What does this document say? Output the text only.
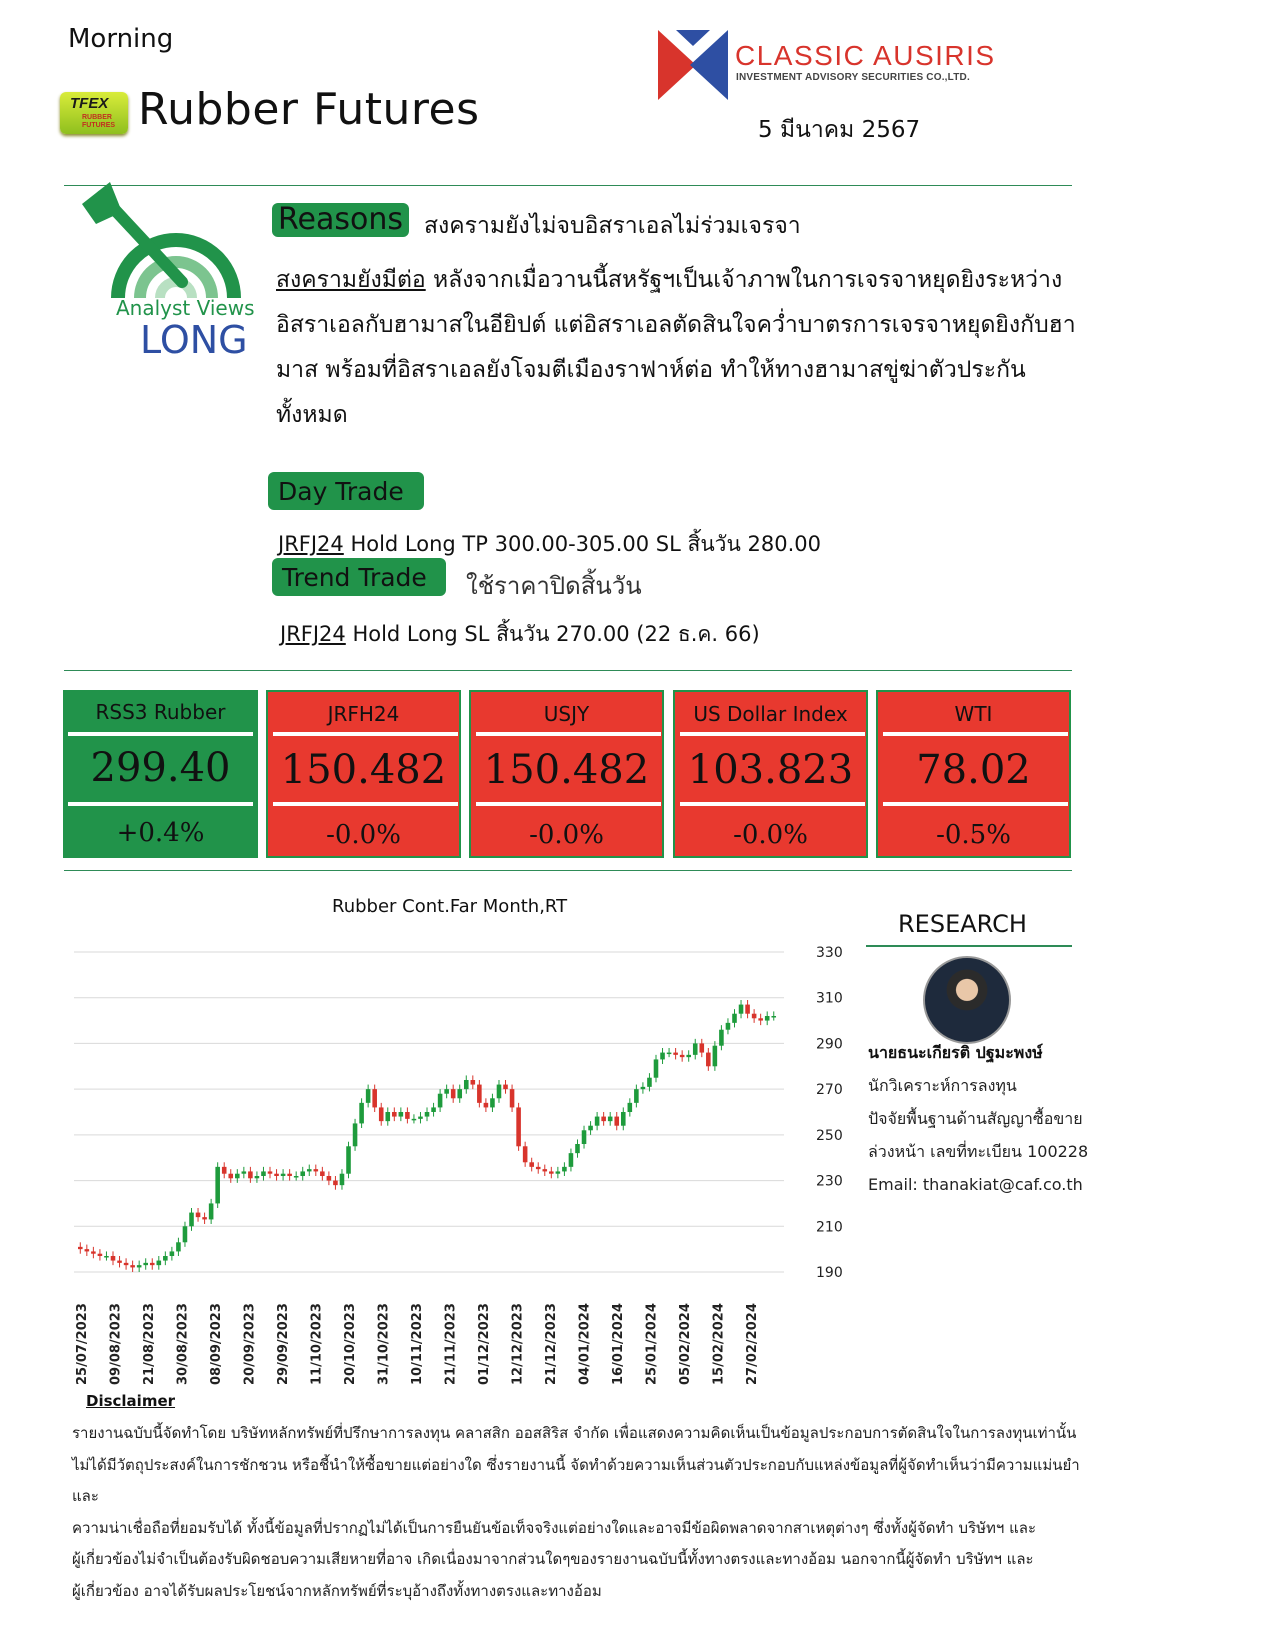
Morning
TFEX
RUBBER FUTURES Rubber Futures
CLASSIC AUSIRIS
INVESTMENT ADVISORY SECURITIES CO.,LTD.
5 มีนาคม 2567
Analyst Views
LONG
Reasons สงครามยังไม่จบอิสราเอลไม่ร่วมเจรจา
สงครามยังมีต่อ หลังจากเมื่อวานนี้สหรัฐฯเป็นเจ้าภาพในการเจรจาหยุดยิงระหว่าง อิสราเอลกับฮามาสในอียิปต์ แต่อิสราเอลตัดสินใจคว่ำบาตรการเจรจาหยุดยิงกับฮามาส พร้อมที่อิสราเอลยังโจมตีเมืองราฟาห์ต่อ ทำให้ทางฮามาสขู่ฆ่าตัวประกันทั้งหมด
Day Trade
JRFJ24 Hold Long TP 300.00-305.00 SL สิ้นวัน 280.00
Trend Trade	ใช้ราคาปิดสิ้นวัน
JRFJ24 Hold Long SL สิ้นวัน 270.00 (22 ธ.ค. 66)
RSS3 Rubber
299.40
+0.4%
JRFH24
150.482
-0.0%
USJY
150.482
-0.0%
US Dollar Index
103.823
-0.0%
WTI
78.02
-0.5%
Rubber Cont.Far Month,RT
190
210
230
250
270
290
310
330
25/07/2023 09/08/2023 21/08/2023 30/08/2023 08/09/2023 20/09/2023 29/09/2023 11/10/2023 20/10/2023 31/10/2023 10/11/2023 21/11/2023 01/12/2023 12/12/2023 21/12/2023 04/01/2024 16/01/2024 25/01/2024 05/02/2024 15/02/2024 27/02/2024
RESEARCH
นายธนะเกียรติ ปฐมะพงษ์
นักวิเคราะห์การลงทุน
ปัจจัยพื้นฐานด้านสัญญาซื้อขาย
ล่วงหน้า เลขที่ทะเบียน 100228
Email: thanakiat@caf.co.th
Disclaimer
รายงานฉบับนี้จัดทำโดย บริษัทหลักทรัพย์ที่ปรึกษาการลงทุน คลาสสิก ออสสิริส จำกัด เพื่อแสดงความคิดเห็นเป็นข้อมูลประกอบการตัดสินใจในการลงทุนเท่านั้น
ไม่ได้มีวัตถุประสงค์ในการชักชวน หรือชี้นำให้ซื้อขายแต่อย่างใด ซึ่งรายงานนี้ จัดทำด้วยความเห็นส่วนตัวประกอบกับแหล่งข้อมูลที่ผู้จัดทำเห็นว่ามีความแม่นยำและ
ความน่าเชื่อถือที่ยอมรับได้ ทั้งนี้ข้อมูลที่ปรากฏไม่ได้เป็นการยืนยันข้อเท็จจริงแต่อย่างใดและอาจมีข้อผิดพลาดจากสาเหตุต่างๆ ซึ่งทั้งผู้จัดทำ บริษัทฯ และ
ผู้เกี่ยวข้องไม่จำเป็นต้องรับผิดชอบความเสียหายที่อาจ เกิดเนื่องมาจากส่วนใดๆของรายงานฉบับนี้ทั้งทางตรงและทางอ้อม นอกจากนี้ผู้จัดทำ บริษัทฯ และ
ผู้เกี่ยวข้อง อาจได้รับผลประโยชน์จากหลักทรัพย์ที่ระบุอ้างถึงทั้งทางตรงและทางอ้อม
